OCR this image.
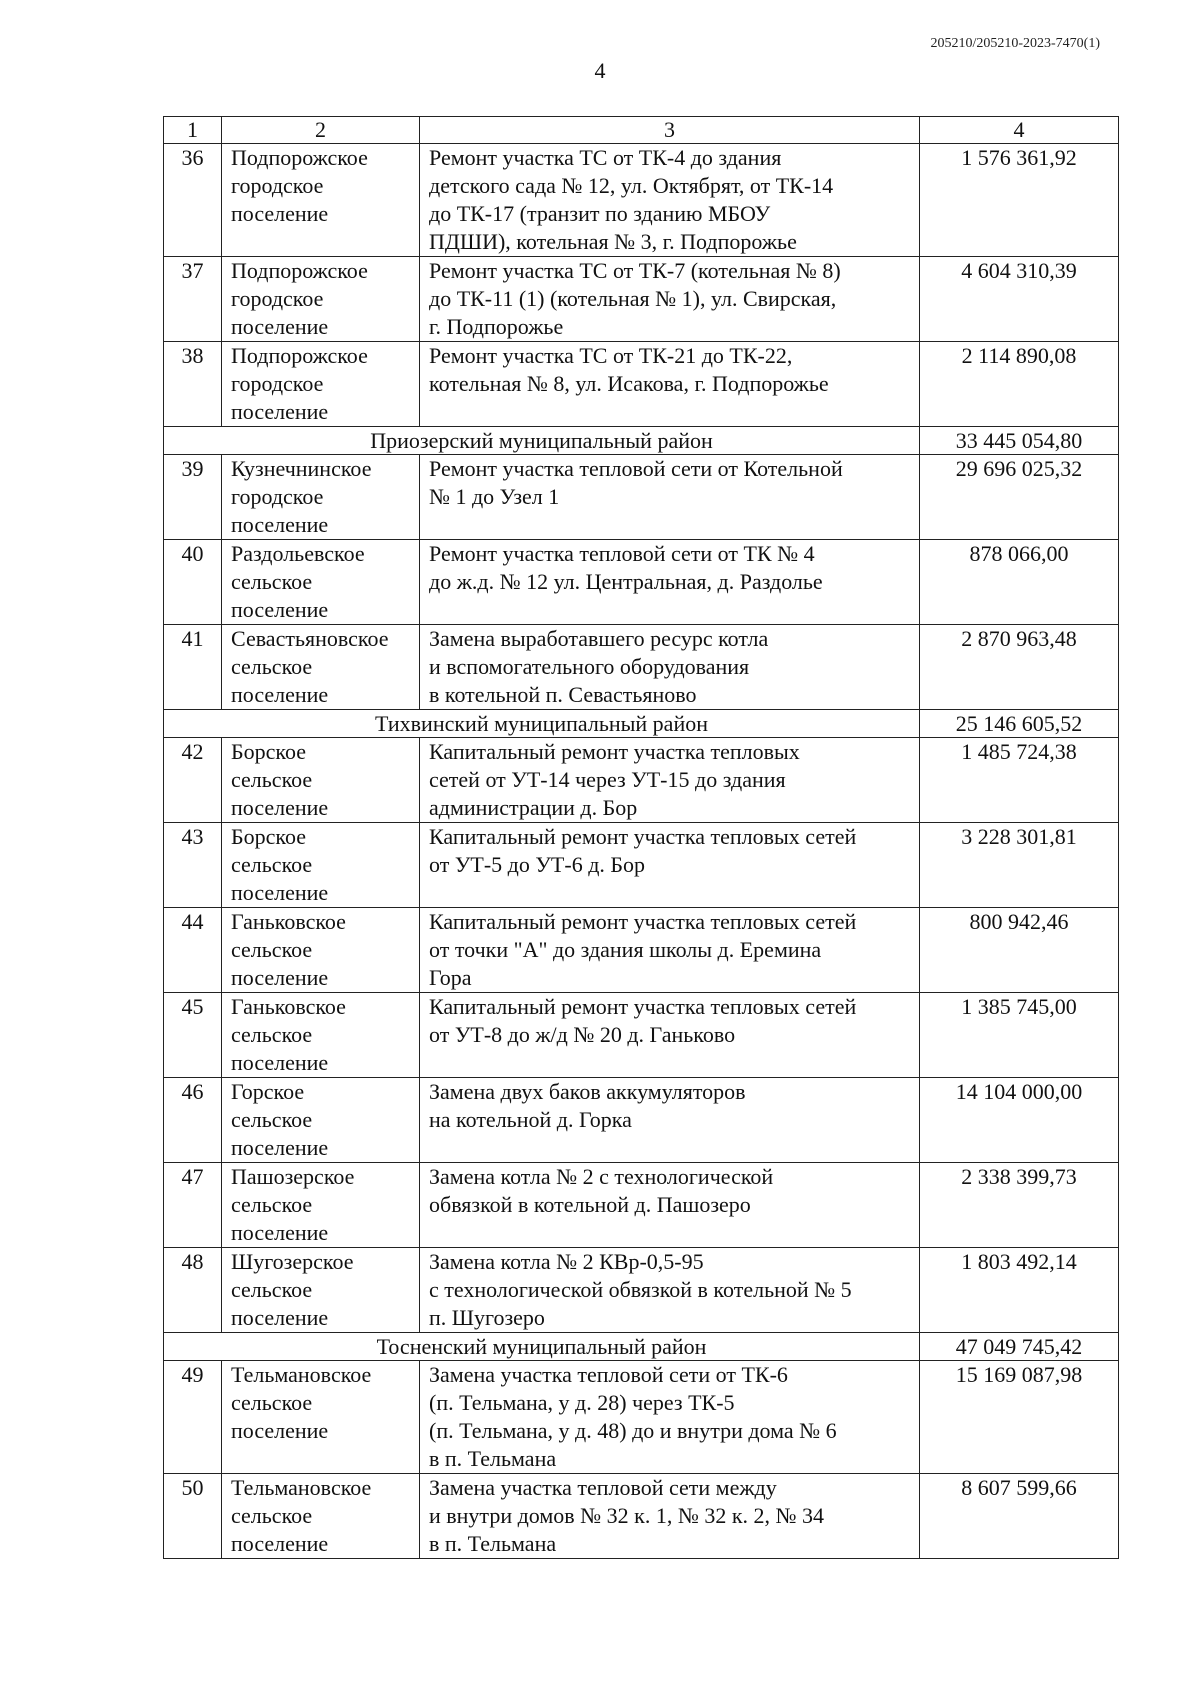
205210/205210-2023-7470(1)
4
1	2	3	4
36	Подпорожское
городское
поселение	Ремонт участка ТС от ТК-4 до здания
детского сада № 12, ул. Октябрят, от ТК-14
до ТК-17 (транзит по зданию МБОУ
ПДШИ), котельная № 3, г. Подпорожье	1 576 361,92
37	Подпорожское
городское
поселение	Ремонт участка ТС от ТК-7 (котельная № 8)
до ТК-11 (1) (котельная № 1), ул. Свирская,
г. Подпорожье	4 604 310,39
38	Подпорожское
городское
поселение	Ремонт участка ТС от ТК-21 до ТК-22,
котельная № 8, ул. Исакова, г. Подпорожье	2 114 890,08
Приозерский муниципальный район			33 445 054,80
39	Кузнечнинское
городское
поселение	Ремонт участка тепловой сети от Котельной
№ 1 до Узел 1	29 696 025,32
40	Раздольевское
сельское
поселение	Ремонт участка тепловой сети от ТК № 4
до ж.д. № 12 ул. Центральная, д. Раздолье	878 066,00
41	Севастьяновское
сельское
поселение	Замена выработавшего ресурс котла
и вспомогательного оборудования
в котельной п. Севастьяново	2 870 963,48
Тихвинский муниципальный район			25 146 605,52
42	Борское
сельское
поселение	Капитальный ремонт участка тепловых
сетей от УТ-14 через УТ-15 до здания
администрации д. Бор	1 485 724,38
43	Борское
сельское
поселение	Капитальный ремонт участка тепловых сетей
от УТ-5 до УТ-6 д. Бор	3 228 301,81
44	Ганьковское
сельское
поселение	Капитальный ремонт участка тепловых сетей
от точки "А" до здания школы д. Еремина
Гора	800 942,46
45	Ганьковское
сельское
поселение	Капитальный ремонт участка тепловых сетей
от УТ-8 до ж/д № 20 д. Ганьково	1 385 745,00
46	Горское
сельское
поселение	Замена двух баков аккумуляторов
на котельной д. Горка	14 104 000,00
47	Пашозерское
сельское
поселение	Замена котла № 2 с технологической
обвязкой в котельной д. Пашозеро	2 338 399,73
48	Шугозерское
сельское
поселение	Замена котла № 2 КВр-0,5-95
с технологической обвязкой в котельной № 5
п. Шугозеро	1 803 492,14
Тосненский муниципальный район			47 049 745,42
49	Тельмановское
сельское
поселение	Замена участка тепловой сети от ТК-6
(п. Тельмана, у д. 28) через ТК-5
(п. Тельмана, у д. 48) до и внутри дома № 6
в п. Тельмана	15 169 087,98
50	Тельмановское
сельское
поселение	Замена участка тепловой сети между
и внутри домов № 32 к. 1, № 32 к. 2, № 34
в п. Тельмана	8 607 599,66
